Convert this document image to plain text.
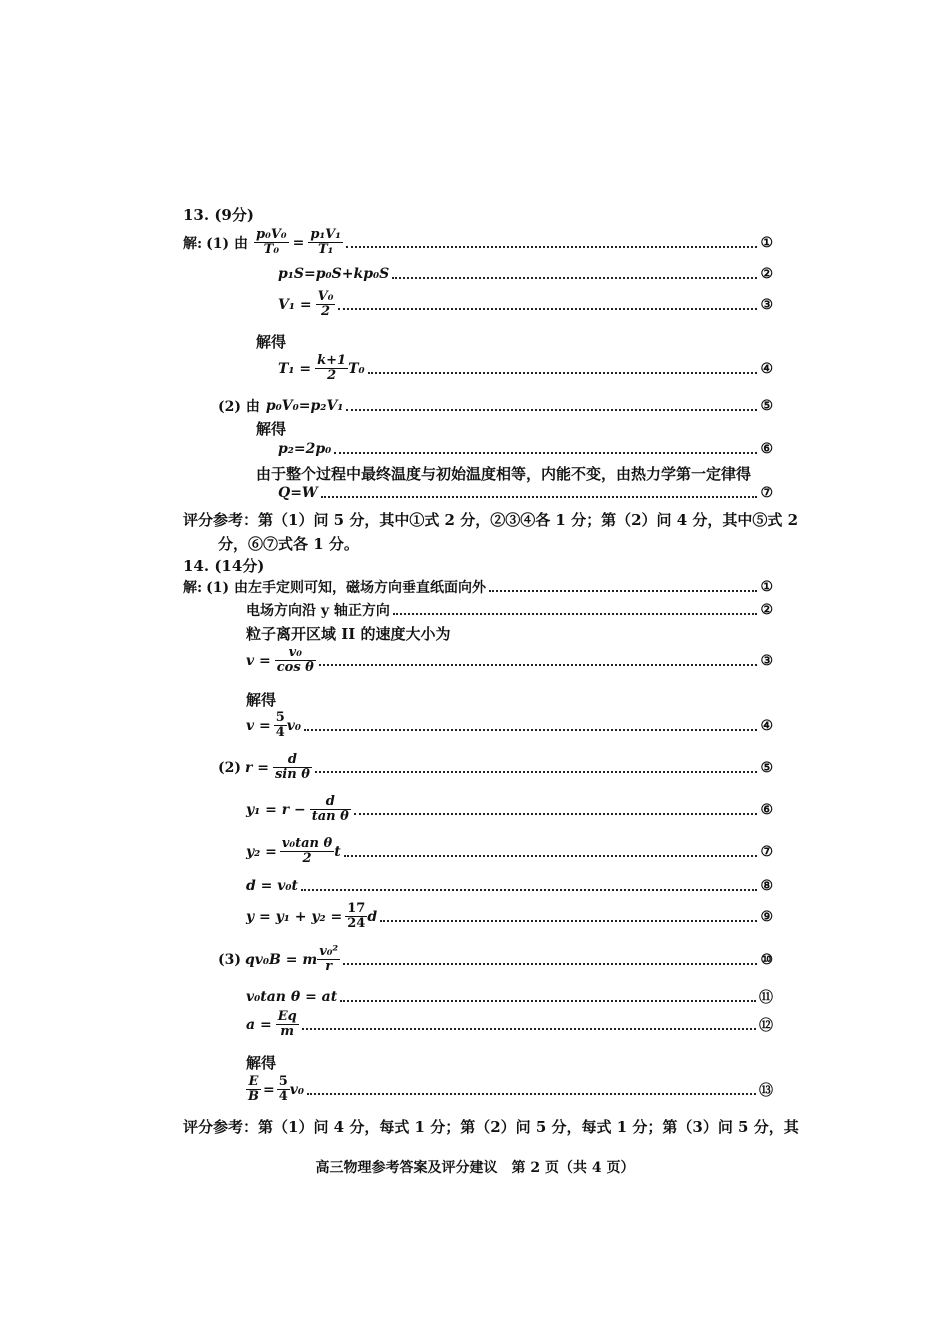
13. (9分)
解: (1) 由 $\frac{\text{p₀V₀}}{\text{T₀}} = \frac{\text{p₁V₁}}{\text{T₁}}$	①
p₁S=p₀S+kp₀S	②
$V_1 = \frac{\text{V₀}}{2}$	③
解得
$T_1 = \frac{k+1}{2} T_0$	④
(2) 由 p₀V₀=p₂V₁	⑤
解得
p₂=2p₀	⑥
由于整个过程中最终温度与初始温度相等，内能不变，由热力学第一定律得
Q=W	⑦
评分参考：第（1）问 5 分，其中①式 2 分，②③④各 1 分；第（2）问 4 分，其中⑤式 2
分，⑥⑦式各 1 分。
14. (14分)
解: (1) 由左手定则可知，磁场方向垂直纸面向外	①
电场方向沿 y 轴正方向	②
粒子离开区域 II 的速度大小为
$v = \frac{\text{v₀}}{\text{cos θ}}$	③
解得
$v = \frac{5}{4} v_0$	④
(2) $r = \frac{d}{\text{sin θ}}$	⑤
$y_1 = r - \frac{d}{\text{tan θ}}$	⑥
$y_2 = \frac{\text{v₀tan θ}}{2}$ t	⑦
d = v₀t	⑧
$y = y_1 + y_2 = \frac{17}{24}$ d	⑨
(3) qv₀B = m $\frac{\text{v₀²}}{r}$	⑩
v₀tan θ = at	⑪
$a = \frac{Eq}{m}$	⑫
解得
$\frac{E}{B} = \frac{5}{4} v_0$	⑬
评分参考：第（1）问 4 分，每式 1 分；第（2）问 5 分，每式 1 分；第（3）问 5 分，其
高三物理参考答案及评分建议　第 2 页（共 4 页）
